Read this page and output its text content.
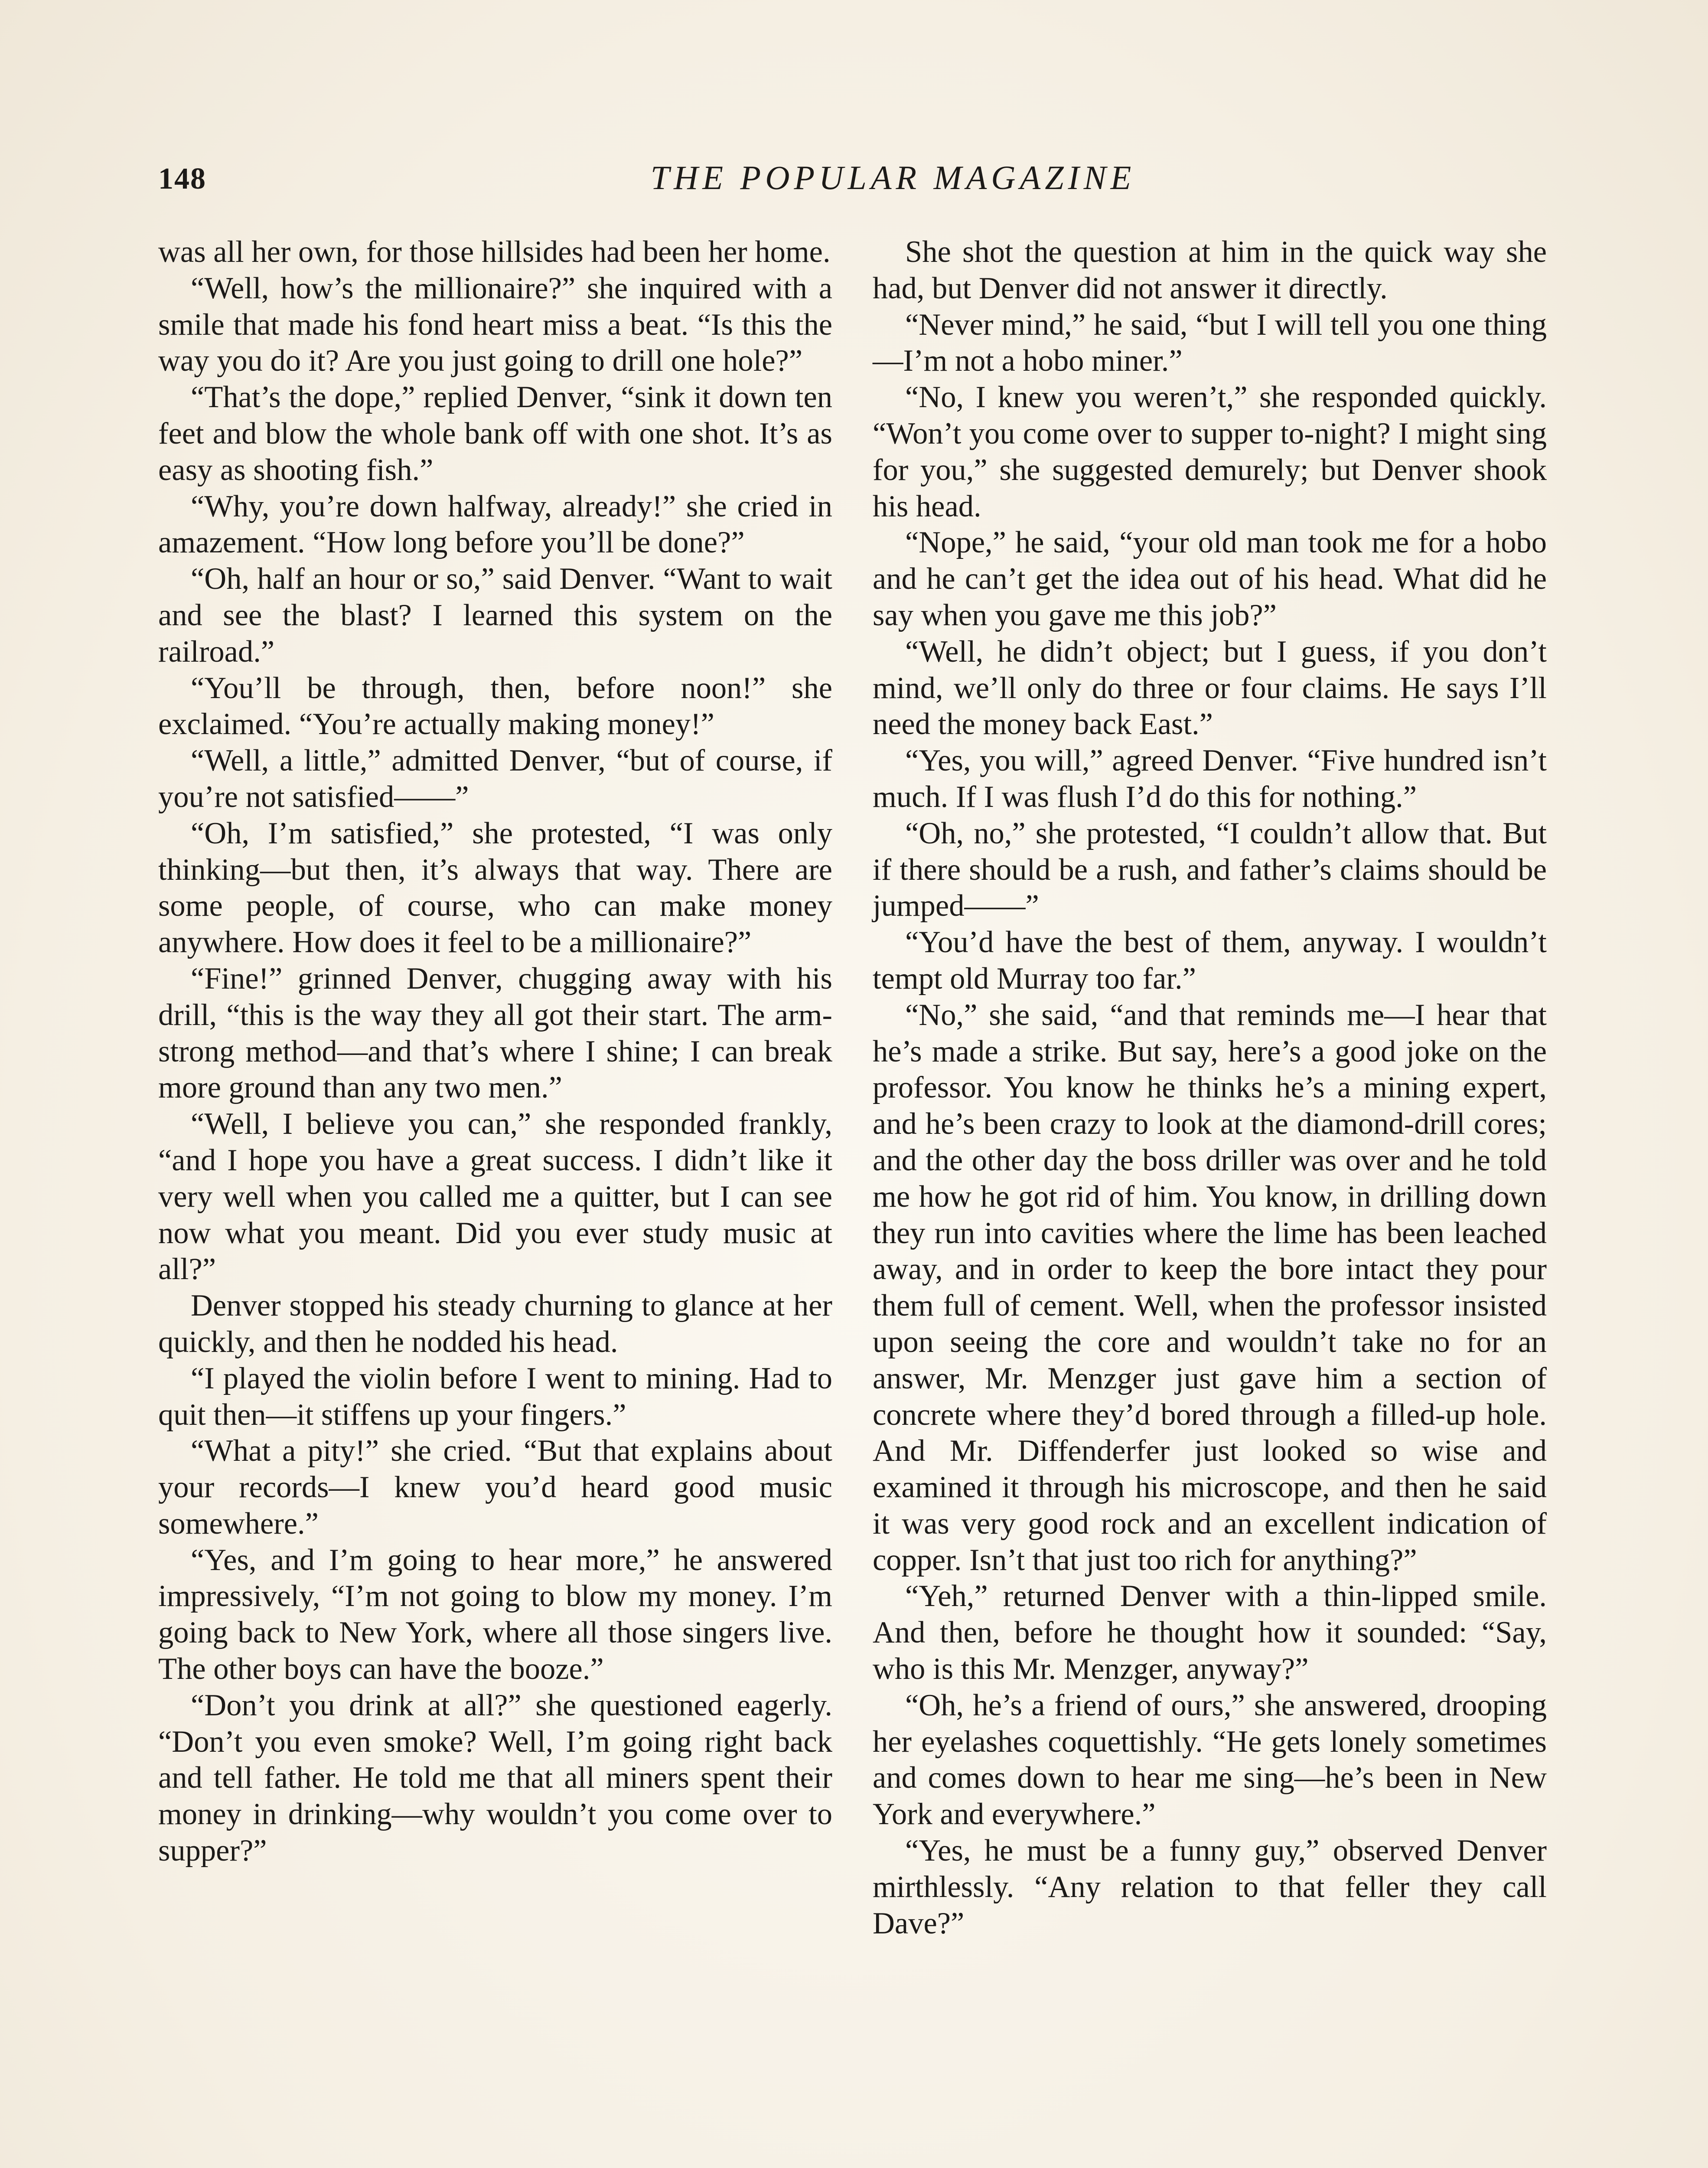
148	THE POPULAR MAGAZINE

was all her own, for those hillsides had been her home.

“Well, how’s the millionaire?” she inquired with a smile that made his fond heart miss a beat. “Is this the way you do it? Are you just going to drill one hole?”

“That’s the dope,” replied Denver, “sink it down ten feet and blow the whole bank off with one shot. It’s as easy as shooting fish.”

“Why, you’re down halfway, already!” she cried in amazement. “How long before you’ll be done?”

“Oh, half an hour or so,” said Denver. “Want to wait and see the blast? I learned this system on the railroad.”

“You’ll be through, then, before noon!” she exclaimed. “You’re actually making money!”

“Well, a little,” admitted Denver, “but of course, if you’re not satisfied——”

“Oh, I’m satisfied,” she protested, “I was only thinking—but then, it’s always that way. There are some people, of course, who can make money anywhere. How does it feel to be a millionaire?”

“Fine!” grinned Denver, chugging away with his drill, “this is the way they all got their start. The arm-strong method—and that’s where I shine; I can break more ground than any two men.”

“Well, I believe you can,” she responded frankly, “and I hope you have a great success. I didn’t like it very well when you called me a quitter, but I can see now what you meant. Did you ever study music at all?”

Denver stopped his steady churning to glance at her quickly, and then he nodded his head.

“I played the violin before I went to mining. Had to quit then—it stiffens up your fingers.”

“What a pity!” she cried. “But that explains about your records—I knew you’d heard good music somewhere.”

“Yes, and I’m going to hear more,” he answered impressively, “I’m not going to blow my money. I’m going back to New York, where all those singers live. The other boys can have the booze.”

“Don’t you drink at all?” she questioned eagerly. “Don’t you even smoke? Well, I’m going right back and tell father. He told me that all miners spent their money in drinking—why wouldn’t you come over to supper?”

She shot the question at him in the quick way she had, but Denver did not answer it directly.

“Never mind,” he said, “but I will tell you one thing—I’m not a hobo miner.”

“No, I knew you weren’t,” she responded quickly. “Won’t you come over to supper to-night? I might sing for you,” she suggested demurely; but Denver shook his head.

“Nope,” he said, “your old man took me for a hobo and he can’t get the idea out of his head. What did he say when you gave me this job?”

“Well, he didn’t object; but I guess, if you don’t mind, we’ll only do three or four claims. He says I’ll need the money back East.”

“Yes, you will,” agreed Denver. “Five hundred isn’t much. If I was flush I’d do this for nothing.”

“Oh, no,” she protested, “I couldn’t allow that. But if there should be a rush, and father’s claims should be jumped——”

“You’d have the best of them, anyway. I wouldn’t tempt old Murray too far.”

“No,” she said, “and that reminds me—I hear that he’s made a strike. But say, here’s a good joke on the professor. You know he thinks he’s a mining expert, and he’s been crazy to look at the diamond-drill cores; and the other day the boss driller was over and he told me how he got rid of him. You know, in drilling down they run into cavities where the lime has been leached away, and in order to keep the bore intact they pour them full of cement. Well, when the professor insisted upon seeing the core and wouldn’t take no for an answer, Mr. Menzger just gave him a section of concrete where they’d bored through a filled-up hole. And Mr. Diffenderfer just looked so wise and examined it through his microscope, and then he said it was very good rock and an excellent indication of copper. Isn’t that just too rich for anything?”

“Yeh,” returned Denver with a thin-lipped smile. And then, before he thought how it sounded: “Say, who is this Mr. Menzger, anyway?”

“Oh, he’s a friend of ours,” she answered, drooping her eyelashes coquettishly. “He gets lonely sometimes and comes down to hear me sing—he’s been in New York and everywhere.”

“Yes, he must be a funny guy,” observed Denver mirthlessly. “Any relation to that feller they call Dave?”
